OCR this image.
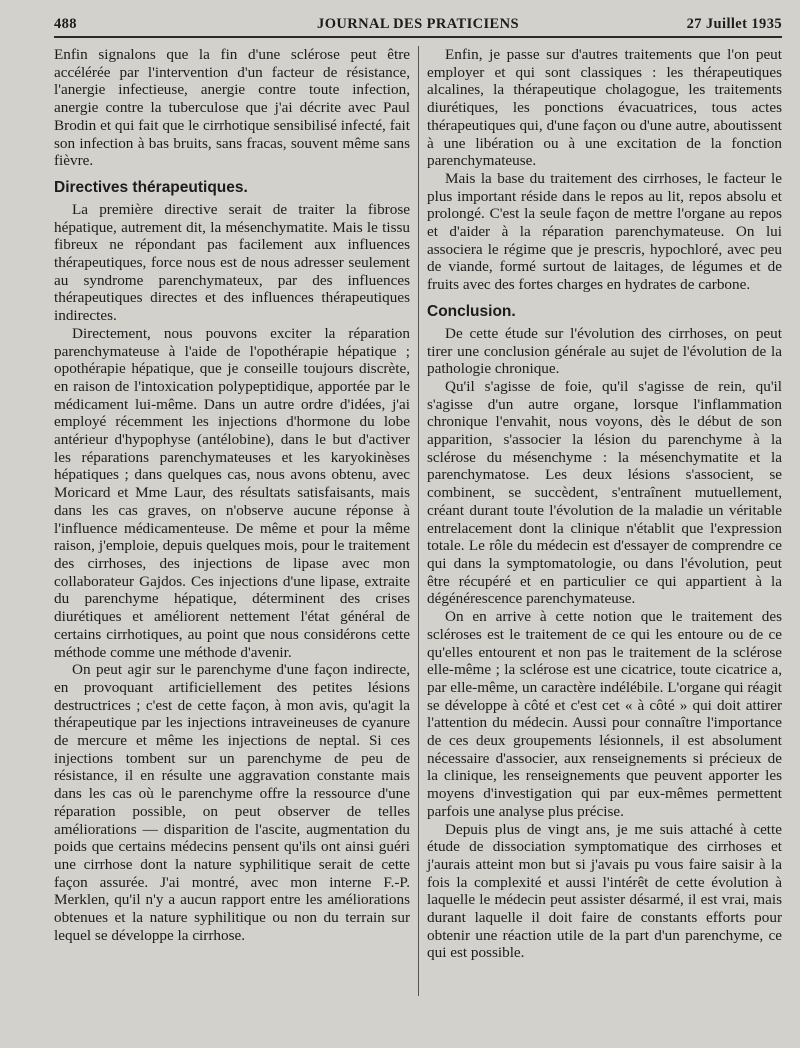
488	JOURNAL DES PRATICIENS	27 Juillet 1935

Enfin signalons que la fin d'une sclérose peut être accélérée par l'intervention d'un facteur de résistance, l'anergie infectieuse, anergie contre toute infection, anergie contre la tuberculose que j'ai décrite avec Paul Brodin et qui fait que le cirrhotique sensibilisé infecté, fait son infection à bas bruits, sans fracas, souvent même sans fièvre.

Directives thérapeutiques.

La première directive serait de traiter la fibrose hépatique, autrement dit, la mésenchymatite. Mais le tissu fibreux ne répondant pas facilement aux influences thérapeutiques, force nous est de nous adresser seulement au syndrome parenchymateux, par des influences thérapeutiques directes et des influences thérapeutiques indirectes.

Directement, nous pouvons exciter la réparation parenchymateuse à l'aide de l'opothérapie hépatique ; opothérapie hépatique, que je conseille toujours discrète, en raison de l'intoxication polypeptidique, apportée par le médicament lui-même. Dans un autre ordre d'idées, j'ai employé récemment les injections d'hormone du lobe antérieur d'hypophyse (antélobine), dans le but d'activer les réparations parenchymateuses et les karyokinèses hépatiques ; dans quelques cas, nous avons obtenu, avec Moricard et Mme Laur, des résultats satisfaisants, mais dans les cas graves, on n'observe aucune réponse à l'influence médicamenteuse. De même et pour la même raison, j'emploie, depuis quelques mois, pour le traitement des cirrhoses, des injections de lipase avec mon collaborateur Gajdos. Ces injections d'une lipase, extraite du parenchyme hépatique, déterminent des crises diurétiques et améliorent nettement l'état général de certains cirrhotiques, au point que nous considérons cette méthode comme une méthode d'avenir.

On peut agir sur le parenchyme d'une façon indirecte, en provoquant artificiellement des petites lésions destructrices ; c'est de cette façon, à mon avis, qu'agit la thérapeutique par les injections intraveineuses de cyanure de mercure et même les injections de neptal. Si ces injections tombent sur un parenchyme de peu de résistance, il en résulte une aggravation constante mais dans les cas où le parenchyme offre la ressource d'une réparation possible, on peut observer de telles améliorations — disparition de l'ascite, augmentation du poids que certains médecins pensent qu'ils ont ainsi guéri une cirrhose dont la nature syphilitique serait de cette façon assurée. J'ai montré, avec mon interne F.-P. Merklen, qu'il n'y a aucun rapport entre les améliorations obtenues et la nature syphilitique ou non du terrain sur lequel se développe la cirrhose.

Enfin, je passe sur d'autres traitements que l'on peut employer et qui sont classiques : les thérapeutiques alcalines, la thérapeutique cholagogue, les traitements diurétiques, les ponctions évacuatrices, tous actes thérapeutiques qui, d'une façon ou d'une autre, aboutissent à une libération ou à une excitation de la fonction parenchymateuse.

Mais la base du traitement des cirrhoses, le facteur le plus important réside dans le repos au lit, repos absolu et prolongé. C'est la seule façon de mettre l'organe au repos et d'aider à la réparation parenchymateuse. On lui associera le régime que je prescris, hypochloré, avec peu de viande, formé surtout de laitages, de légumes et de fruits avec des fortes charges en hydrates de carbone.

Conclusion.

De cette étude sur l'évolution des cirrhoses, on peut tirer une conclusion générale au sujet de l'évolution de la pathologie chronique.

Qu'il s'agisse de foie, qu'il s'agisse de rein, qu'il s'agisse d'un autre organe, lorsque l'inflammation chronique l'envahit, nous voyons, dès le début de son apparition, s'associer la lésion du parenchyme à la sclérose du mésenchyme : la mésenchymatite et la parenchymatose. Les deux lésions s'associent, se combinent, se succèdent, s'entraînent mutuellement, créant durant toute l'évolution de la maladie un véritable entrelacement dont la clinique n'établit que l'expression totale. Le rôle du médecin est d'essayer de comprendre ce qui dans la symptomatologie, ou dans l'évolution, peut être récupéré et en particulier ce qui appartient à la dégénérescence parenchymateuse.

On en arrive à cette notion que le traitement des scléroses est le traitement de ce qui les entoure ou de ce qu'elles entourent et non pas le traitement de la sclérose elle-même ; la sclérose est une cicatrice, toute cicatrice a, par elle-même, un caractère indélébile. L'organe qui réagit se développe à côté et c'est cet « à côté » qui doit attirer l'attention du médecin. Aussi pour connaître l'importance de ces deux groupements lésionnels, il est absolument nécessaire d'associer, aux renseignements si précieux de la clinique, les renseignements que peuvent apporter les moyens d'investigation qui par eux-mêmes permettent parfois une analyse plus précise.

Depuis plus de vingt ans, je me suis attaché à cette étude de dissociation symptomatique des cirrhoses et j'aurais atteint mon but si j'avais pu vous faire saisir à la fois la complexité et aussi l'intérêt de cette évolution à laquelle le médecin peut assister désarmé, il est vrai, mais durant laquelle il doit faire de constants efforts pour obtenir une réaction utile de la part d'un parenchyme, ce qui est possible.
